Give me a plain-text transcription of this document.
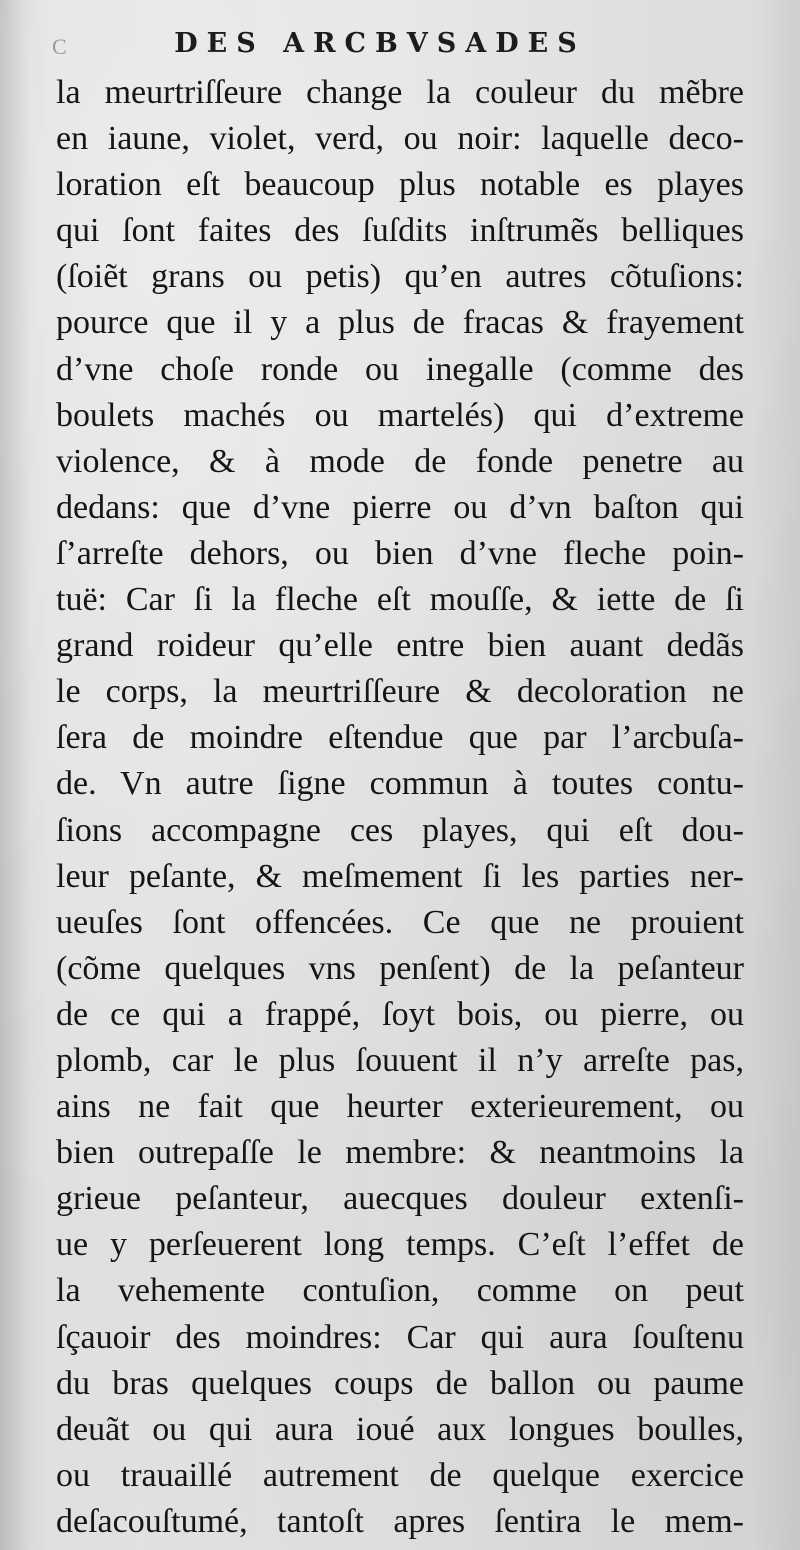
C	DES ARCBVSADES
la meurtriſſeure change la couleur du mẽbre
en iaune, violet, verd, ou noir: laquelle deco-
loration eſt beaucoup plus notable es playes
qui ſont faites des ſuſdits inſtrumẽs belliques
(ſoiẽt grans ou petis) qu’en autres cõtuſions:
pource que il y a plus de fracas & frayement
d’vne choſe ronde ou inegalle (comme des
boulets machés ou martelés) qui d’extreme
violence, & à mode de fonde penetre au
dedans: que d’vne pierre ou d’vn baſton qui
ſ’arreſte dehors, ou bien d’vne fleche poin-
tuë: Car ſi la fleche eſt mouſſe, & iette de ſi
grand roideur qu’elle entre bien auant dedãs
le corps, la meurtriſſeure & decoloration ne
ſera de moindre eſtendue que par l’arcbuſa-
de. Vn autre ſigne commun à toutes contu-
ſions accompagne ces playes, qui eſt dou-
leur peſante, & meſmement ſi les parties ner-
ueuſes ſont offencées. Ce que ne prouient
(cõme quelques vns penſent) de la peſanteur
de ce qui a frappé, ſoyt bois, ou pierre, ou
plomb, car le plus ſouuent il n’y arreſte pas,
ains ne fait que heurter exterieurement, ou
bien outrepaſſe le membre: & neantmoins la
grieue peſanteur, auecques douleur extenſi-
ue y perſeuerent long temps. C’eſt l’effet de
la vehemente contuſion, comme on peut
ſçauoir des moindres: Car qui aura ſouſtenu
du bras quelques coups de ballon ou paume
deuãt ou qui aura ioué aux longues boulles,
ou trauaillé autrement de quelque exercice
deſacouſtumé, tantoſt apres ſentira le mem-
